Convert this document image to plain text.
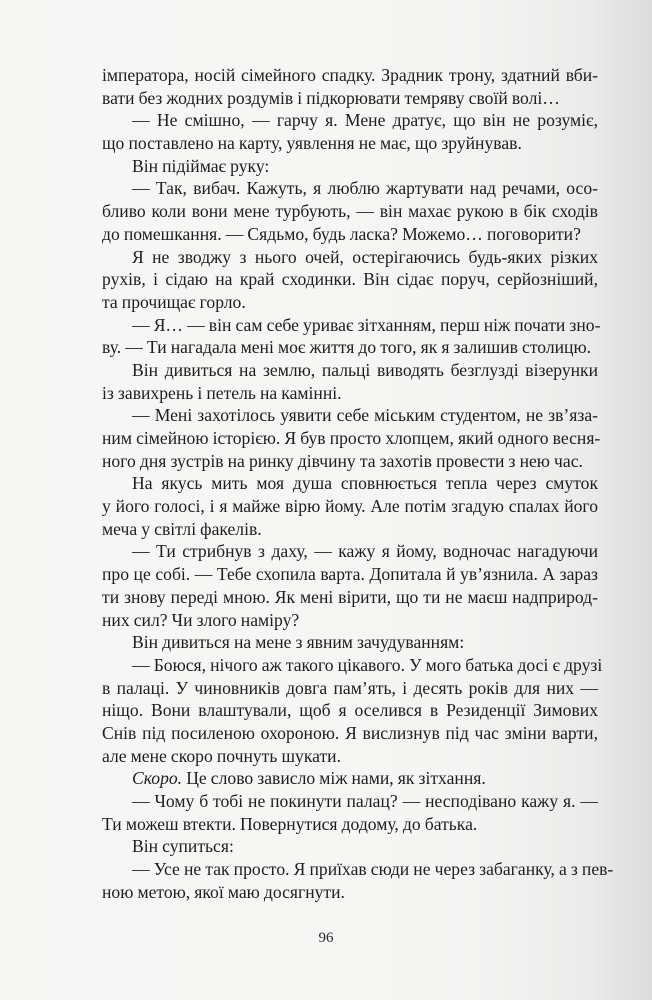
імператора, носій сімейного спадку. Зрадник трону, здатний вби-
вати без жодних роздумів і підкорювати темряву своїй волі…
— Не смішно, — гарчу я. Мене дратує, що він не розуміє,
що поставлено на карту, уявлення не має, що зруйнував.
Він підіймає руку:
— Так, вибач. Кажуть, я люблю жартувати над речами, осо-
бливо коли вони мене турбують, — він махає рукою в бік сходів
до помешкання. — Сядьмо, будь ласка? Можемо… поговорити?
Я не зводжу з нього очей, остерігаючись будь-яких різких
рухів, і сідаю на край сходинки. Він сідає поруч, серйозніший,
та прочищає горло.
— Я… — він сам себе уриває зітханням, перш ніж почати зно-
ву. — Ти нагадала мені моє життя до того, як я залишив столицю.
Він дивиться на землю, пальці виводять безглузді візерунки
із завихрень і петель на камінні.
— Мені захотілось уявити себе міським студентом, не зв’яза-
ним сімейною історією. Я був просто хлопцем, який одного весня-
ного дня зустрів на ринку дівчину та захотів провести з нею час.
На якусь мить моя душа сповнюється тепла через смуток
у його голосі, і я майже вірю йому. Але потім згадую спалах його
меча у світлі факелів.
— Ти стрибнув з даху, — кажу я йому, водночас нагадуючи
про це собі. — Тебе схопила варта. Допитала й ув’язнила. А зараз
ти знову переді мною. Як мені вірити, що ти не маєш надприрод-
них сил? Чи злого наміру?
Він дивиться на мене з явним зачудуванням:
— Боюся, нічого аж такого цікавого. У мого батька досі є друзі
в палаці. У чиновників довга пам’ять, і десять років для них —
ніщо. Вони влаштували, щоб я оселився в Резиденції Зимових
Снів під посиленою охороною. Я вислизнув під час зміни варти,
але мене скоро почнуть шукати.
Скоро. Це слово зависло між нами, як зітхання.
— Чому б тобі не покинути палац? — несподівано кажу я. —
Ти можеш втекти. Повернутися додому, до батька.
Він супиться:
— Усе не так просто. Я приїхав сюди не через забаганку, а з пев-
ною метою, якої маю досягнути.
96
